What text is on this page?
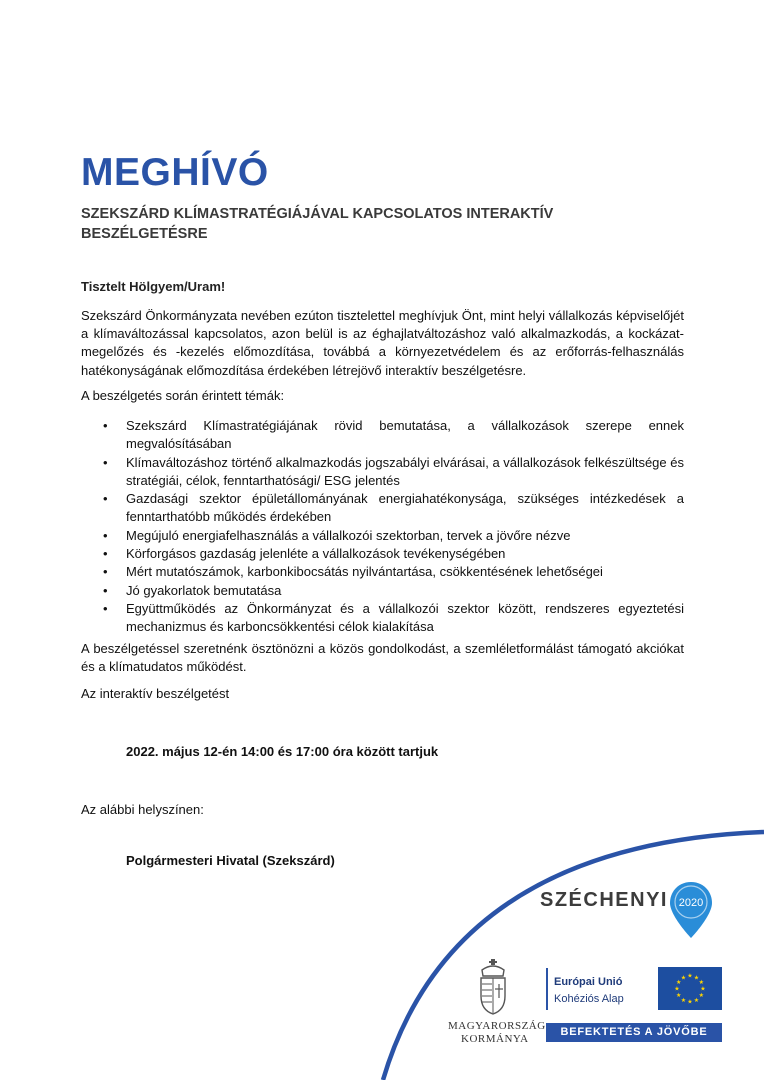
MEGHÍVÓ
SZEKSZÁRD KLÍMASTRATÉGIÁJÁVAL KAPCSOLATOS INTERAKTÍV BESZÉLGETÉSRE
Tisztelt Hölgyem/Uram!

Szekszárd Önkormányzata nevében ezúton tisztelettel meghívjuk Önt, mint helyi vállalkozás képviselőjét a klímaváltozással kapcsolatos, azon belül is az éghajlatváltozáshoz való alkalmazkodás, a kockázat-megelőzés és -kezelés előmozdítása, továbbá a környezetvédelem és az erőforrás-felhasználás hatékonyságának előmozdítása érdekében létrejövő interaktív beszélgetésre.

A beszélgetés során érintett témák:

• Szekszárd Klímastratégiájának rövid bemutatása, a vállalkozások szerepe ennek megvalósításában
• Klímaváltozáshoz történő alkalmazkodás jogszabályi elvárásai, a vállalkozások felkészültsége és stratégiái, célok, fenntarthatósági/ ESG jelentés
• Gazdasági szektor épületállományának energiahatékonysága, szükséges intézkedések a fenntarthatóbb működés érdekében
• Megújuló energiafelhasználás a vállalkozói szektorban, tervek a jövőre nézve
• Körforgásos gazdaság jelenléte a vállalkozások tevékenységében
• Mért mutatószámok, karbonkibocsátás nyilvántartása, csökkentésének lehetőségei
• Jó gyakorlatok bemutatása
• Együttműködés az Önkormányzat és a vállalkozói szektor között, rendszeres egyeztetési mechanizmus és karboncsökkentési célok kialakítása

A beszélgetéssel szeretnénk ösztönözni a közös gondolkodást, a szemléletformálást támogató akciókat és a klímatudatos működést.

Az interaktív beszélgetést

2022. május 12-én 14:00 és 17:00 óra között tartjuk
Az alábbi helyszínen:
Polgármesteri Hivatal (Szekszárd)
SZÉCHENYI 2020
MAGYARORSZÁG
KORMÁNYA
Európai Unió
Kohéziós Alap
★ ★
★
★
★
★
★
★
★
★
★
★
BEFEKTETÉS A JÖVŐBE
